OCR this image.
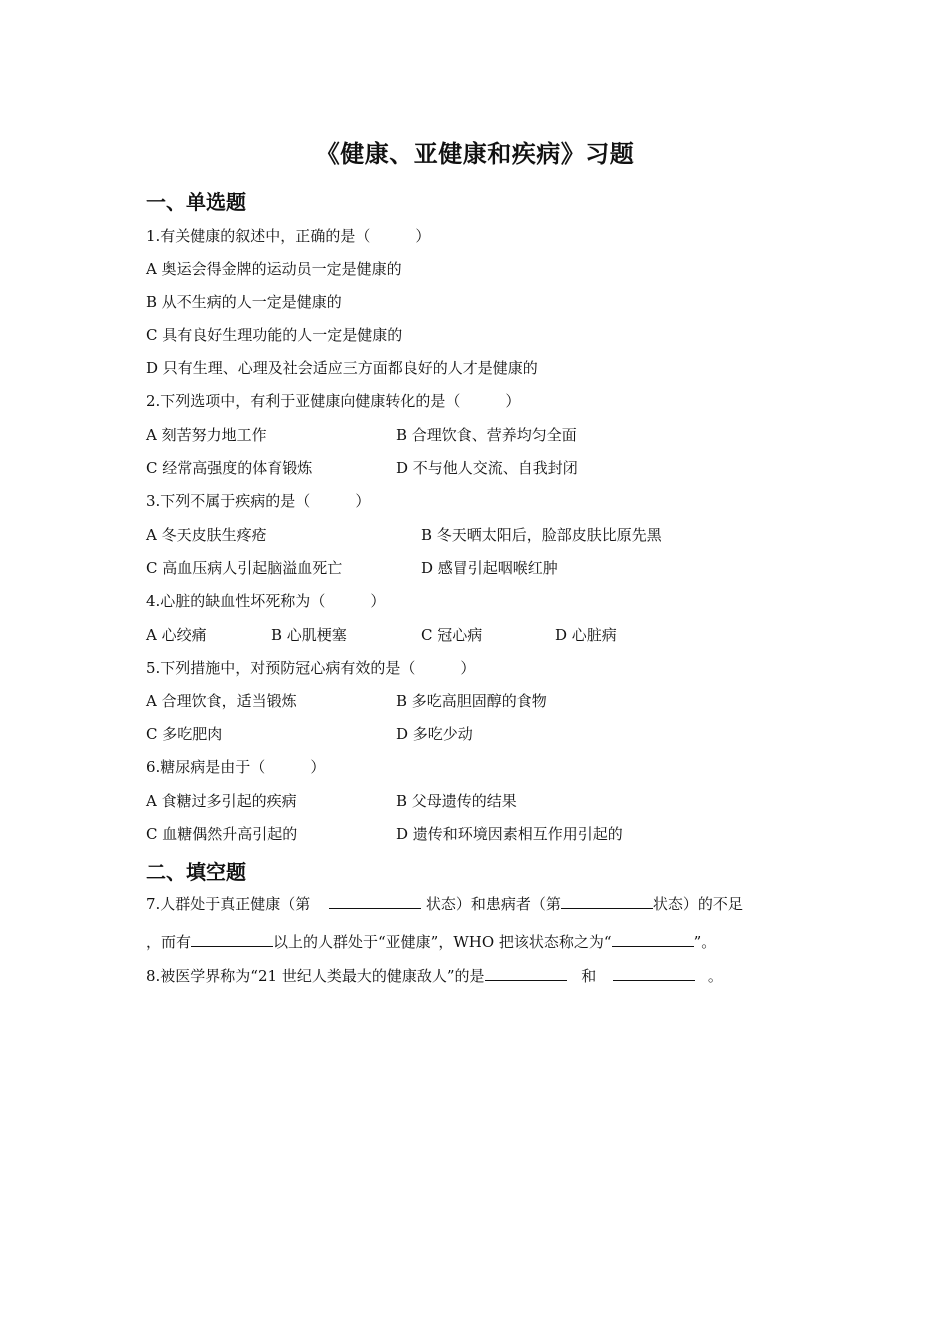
《健康、亚健康和疾病》习题
一、单选题
1.有关健康的叙述中，正确的是（　　　）
A 奥运会得金牌的运动员一定是健康的
B 从不生病的人一定是健康的
C 具有良好生理功能的人一定是健康的
D 只有生理、心理及社会适应三方面都良好的人才是健康的
2.下列选项中，有利于亚健康向健康转化的是（　　　）
A 刻苦努力地工作	B 合理饮食、营养均匀全面
C 经常高强度的体育锻炼	D 不与他人交流、自我封闭
3.下列不属于疾病的是（　　　）
A 冬天皮肤生疼疮	B 冬天晒太阳后，脸部皮肤比原先黑
C 高血压病人引起脑溢血死亡	D 感冒引起咽喉红肿
4.心脏的缺血性坏死称为（　　　）
A 心绞痛	B 心肌梗塞	C 冠心病	D 心脏病
5.下列措施中，对预防冠心病有效的是（　　　）
A 合理饮食，适当锻炼	B 多吃高胆固醇的食物
C 多吃肥肉	D 多吃少动
6.糖尿病是由于（　　　）
A 食糖过多引起的疾病	B 父母遗传的结果
C 血糖偶然升高引起的	D 遗传和环境因素相互作用引起的
二、填空题
7.人群处于真正健康（第	状态）和患病者（第	状态）的不足
，而有	以上的人群处于“亚健康”，WHO 把该状态称之为“	”。
8.被医学界称为“21 世纪人类最大的健康敌人”的是	和	。
